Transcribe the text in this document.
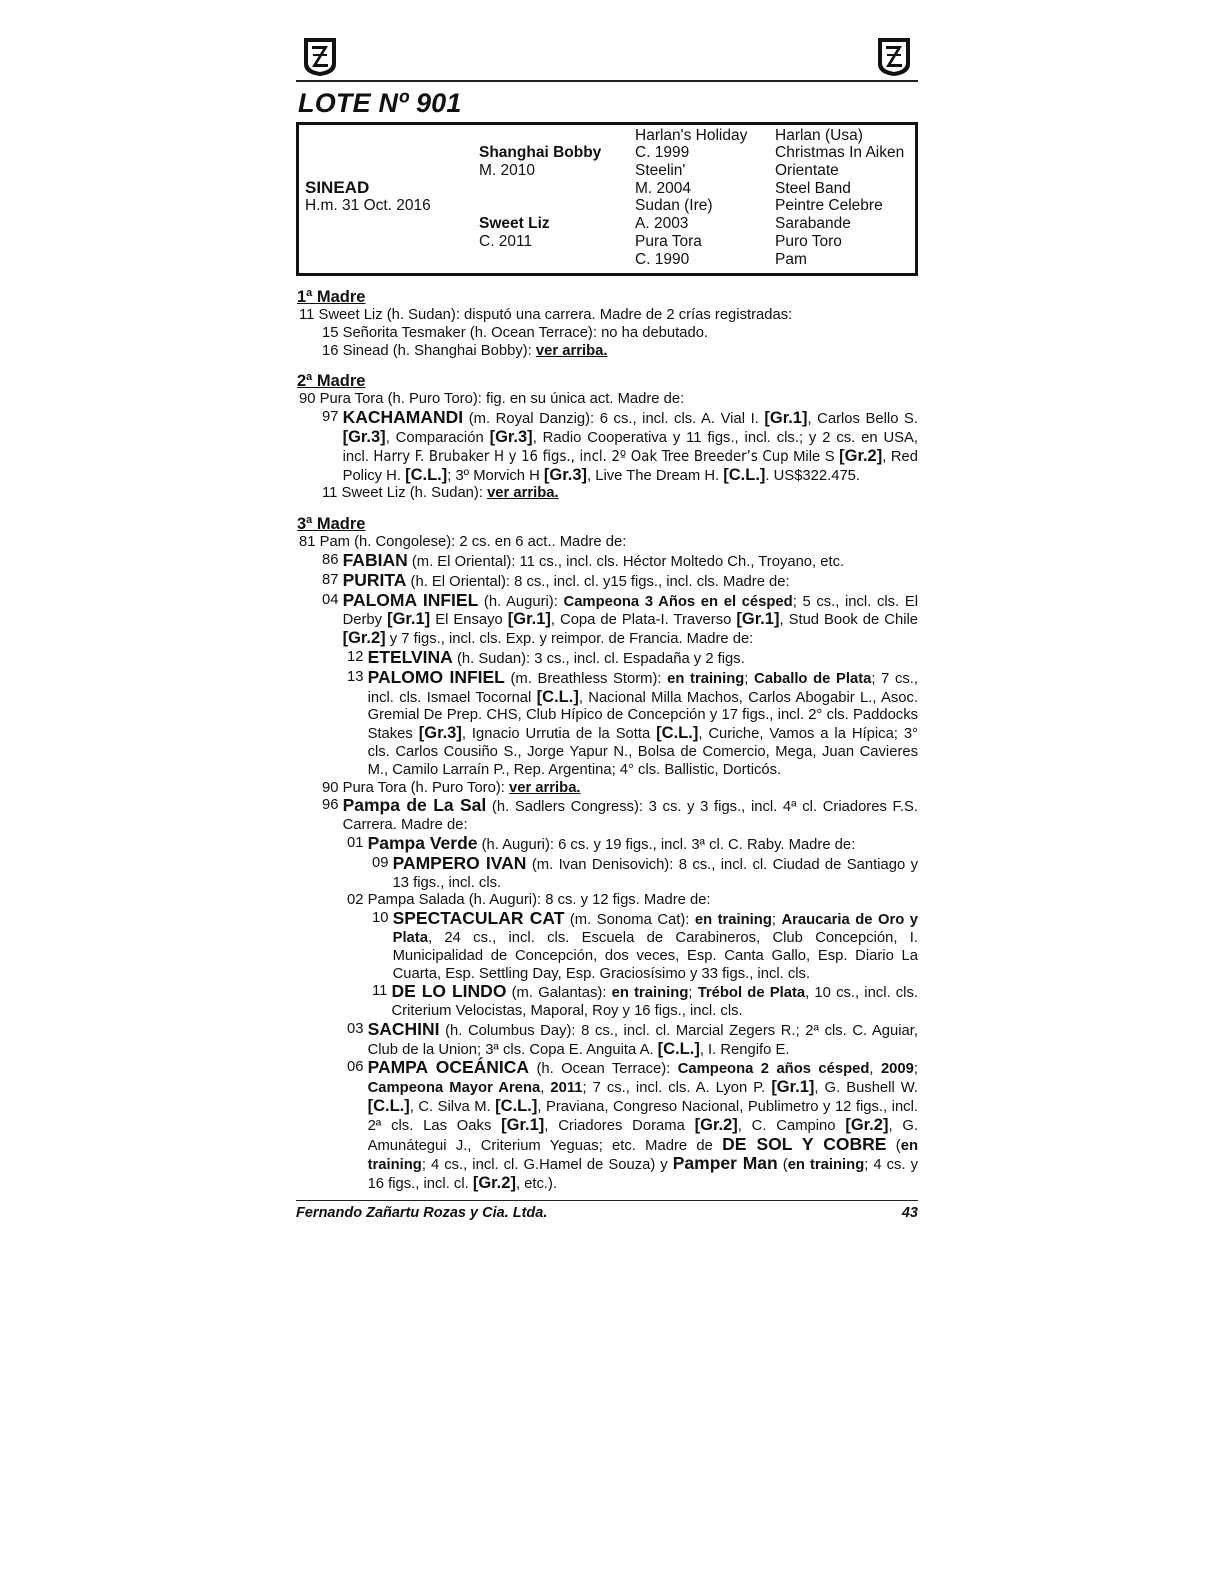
LOTE Nº 901
SINEAD
H.m. 31 Oct. 2016
Shanghai Bobby
M. 2010
Sweet Liz
C. 2011
Harlan's Holiday
C. 1999
Steelin'
M. 2004
Sudan (Ire)
A. 2003
Pura Tora
C. 1990
Harlan (Usa)
Christmas In Aiken
Orientate
Steel Band
Peintre Celebre
Sarabande
Puro Toro
Pam
1ª Madre
11 Sweet Liz (h. Sudan): disputó una carrera. Madre de 2 crías registradas:
15 Señorita Tesmaker (h. Ocean Terrace): no ha debutado.
16 Sinead (h. Shanghai Bobby): ver arriba.
2ª Madre
90 Pura Tora (h. Puro Toro): fig. en su única act. Madre de:
97 KACHAMANDI (m. Royal Danzig): 6 cs., incl. cls. A. Vial I. [Gr.1], Carlos Bello S. [Gr.3], Comparación [Gr.3], Radio Cooperativa y 11 figs., incl. cls.; y 2 cs. en USA, incl. Harry F. Brubaker H y 16 figs., incl. 2º Oak Tree Breeder’s Cup Mile S [Gr.2], Red Policy H. [C.L.]; 3º Morvich H [Gr.3], Live The Dream H. [C.L.]. US$322.475.
11 Sweet Liz (h. Sudan): ver arriba.
3ª Madre
81 Pam (h. Congolese): 2 cs. en 6 act.. Madre de:
86 FABIAN (m. El Oriental): 11 cs., incl. cls. Héctor Moltedo Ch., Troyano, etc.
87 PURITA (h. El Oriental): 8 cs., incl. cl. y15 figs., incl. cls. Madre de:
04 PALOMA INFIEL (h. Auguri): Campeona 3 Años en el césped; 5 cs., incl. cls. El Derby [Gr.1] El Ensayo [Gr.1], Copa de Plata-I. Traverso [Gr.1], Stud Book de Chile [Gr.2] y 7 figs., incl. cls. Exp. y reimpor. de Francia. Madre de:
12 ETELVINA (h. Sudan): 3 cs., incl. cl. Espadaña y 2 figs.
13 PALOMO INFIEL (m. Breathless Storm): en training; Caballo de Plata; 7 cs., incl. cls. Ismael Tocornal [C.L.], Nacional Milla Machos, Carlos Abogabir L., Asoc. Gremial De Prep. CHS, Club Hípico de Concepción y 17 figs., incl. 2° cls. Paddocks Stakes [Gr.3], Ignacio Urrutia de la Sotta [C.L.], Curiche, Vamos a la Hípica; 3° cls. Carlos Cousiño S., Jorge Yapur N., Bolsa de Comercio, Mega, Juan Cavieres M., Camilo Larraín P., Rep. Argentina; 4° cls. Ballistic, Dorticós.
90 Pura Tora (h. Puro Toro): ver arriba.
96 Pampa de La Sal (h. Sadlers Congress): 3 cs. y 3 figs., incl. 4ª cl. Criadores F.S. Carrera. Madre de:
01 Pampa Verde (h. Auguri): 6 cs. y 19 figs., incl. 3ª cl. C. Raby. Madre de:
09 PAMPERO IVAN (m. Ivan Denisovich): 8 cs., incl. cl. Ciudad de Santiago y 13 figs., incl. cls.
02 Pampa Salada (h. Auguri): 8 cs. y 12 figs. Madre de:
10 SPECTACULAR CAT (m. Sonoma Cat): en training; Araucaria de Oro y Plata, 24 cs., incl. cls. Escuela de Carabineros, Club Concepción, I. Municipalidad de Concepción, dos veces, Esp. Canta Gallo, Esp. Diario La Cuarta, Esp. Settling Day, Esp. Graciosísimo y 33 figs., incl. cls.
11 DE LO LINDO (m. Galantas): en training; Trébol de Plata, 10 cs., incl. cls. Criterium Velocistas, Maporal, Roy y 16 figs., incl. cls.
03 SACHINI (h. Columbus Day): 8 cs., incl. cl. Marcial Zegers R.; 2ª cls. C. Aguiar, Club de la Union; 3ª cls. Copa E. Anguita A. [C.L.], I. Rengifo E.
06 PAMPA OCEÁNICA (h. Ocean Terrace): Campeona 2 años césped, 2009; Campeona Mayor Arena, 2011; 7 cs., incl. cls. A. Lyon P. [Gr.1], G. Bushell W. [C.L.], C. Silva M. [C.L.], Praviana, Congreso Nacional, Publimetro y 12 figs., incl. 2ª cls. Las Oaks [Gr.1], Criadores Dorama [Gr.2], C. Campino [Gr.2], G. Amunátegui J., Criterium Yeguas; etc. Madre de DE SOL Y COBRE (en training; 4 cs., incl. cl. G.Hamel de Souza) y Pamper Man (en training; 4 cs. y 16 figs., incl. cl. [Gr.2], etc.).
Fernando Zañartu Rozas y Cia. Ltda.	43
